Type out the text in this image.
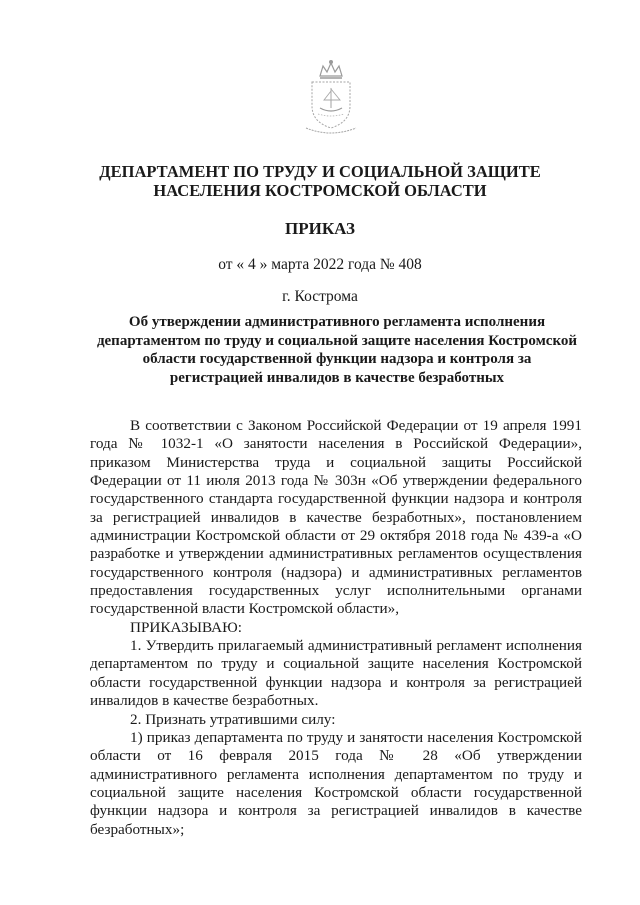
ДЕПАРТАМЕНТ ПО ТРУДУ И СОЦИАЛЬНОЙ ЗАЩИТЕ
НАСЕЛЕНИЯ КОСТРОМСКОЙ ОБЛАСТИ
ПРИКАЗ
от « 4 » марта 2022 года № 408
г. Кострома
Об утверждении административного регламента исполнения
департаментом по труду и социальной защите населения Костромской
области государственной функции надзора и контроля за
регистрацией инвалидов в качестве безработных

В соответствии с Законом Российской Федерации от 19 апреля 1991 года № 1032-1 «О занятости населения в Российской Федерации», приказом Министерства труда и социальной защиты Российской Федерации от 11 июля 2013 года № 303н «Об утверждении федерального государственного стандарта государственной функции надзора и контроля за регистрацией инвалидов в качестве безработных», постановлением администрации Костромской области от 29 октября 2018 года № 439-а «О разработке и утверждении административных регламентов осуществления государственного контроля (надзора) и административных регламентов предоставления государственных услуг исполнительными органами государственной власти Костромской области»,

ПРИКАЗЫВАЮ:

1. Утвердить прилагаемый административный регламент исполнения департаментом по труду и социальной защите населения Костромской области государственной функции надзора и контроля за регистрацией инвалидов в качестве безработных.

2. Признать утратившими силу:

1) приказ департамента по труду и занятости населения Костромской области от 16 февраля 2015 года № 28 «Об утверждении административного регламента исполнения департаментом по труду и социальной защите населения Костромской области государственной функции надзора и контроля за регистрацией инвалидов в качестве безработных»;
